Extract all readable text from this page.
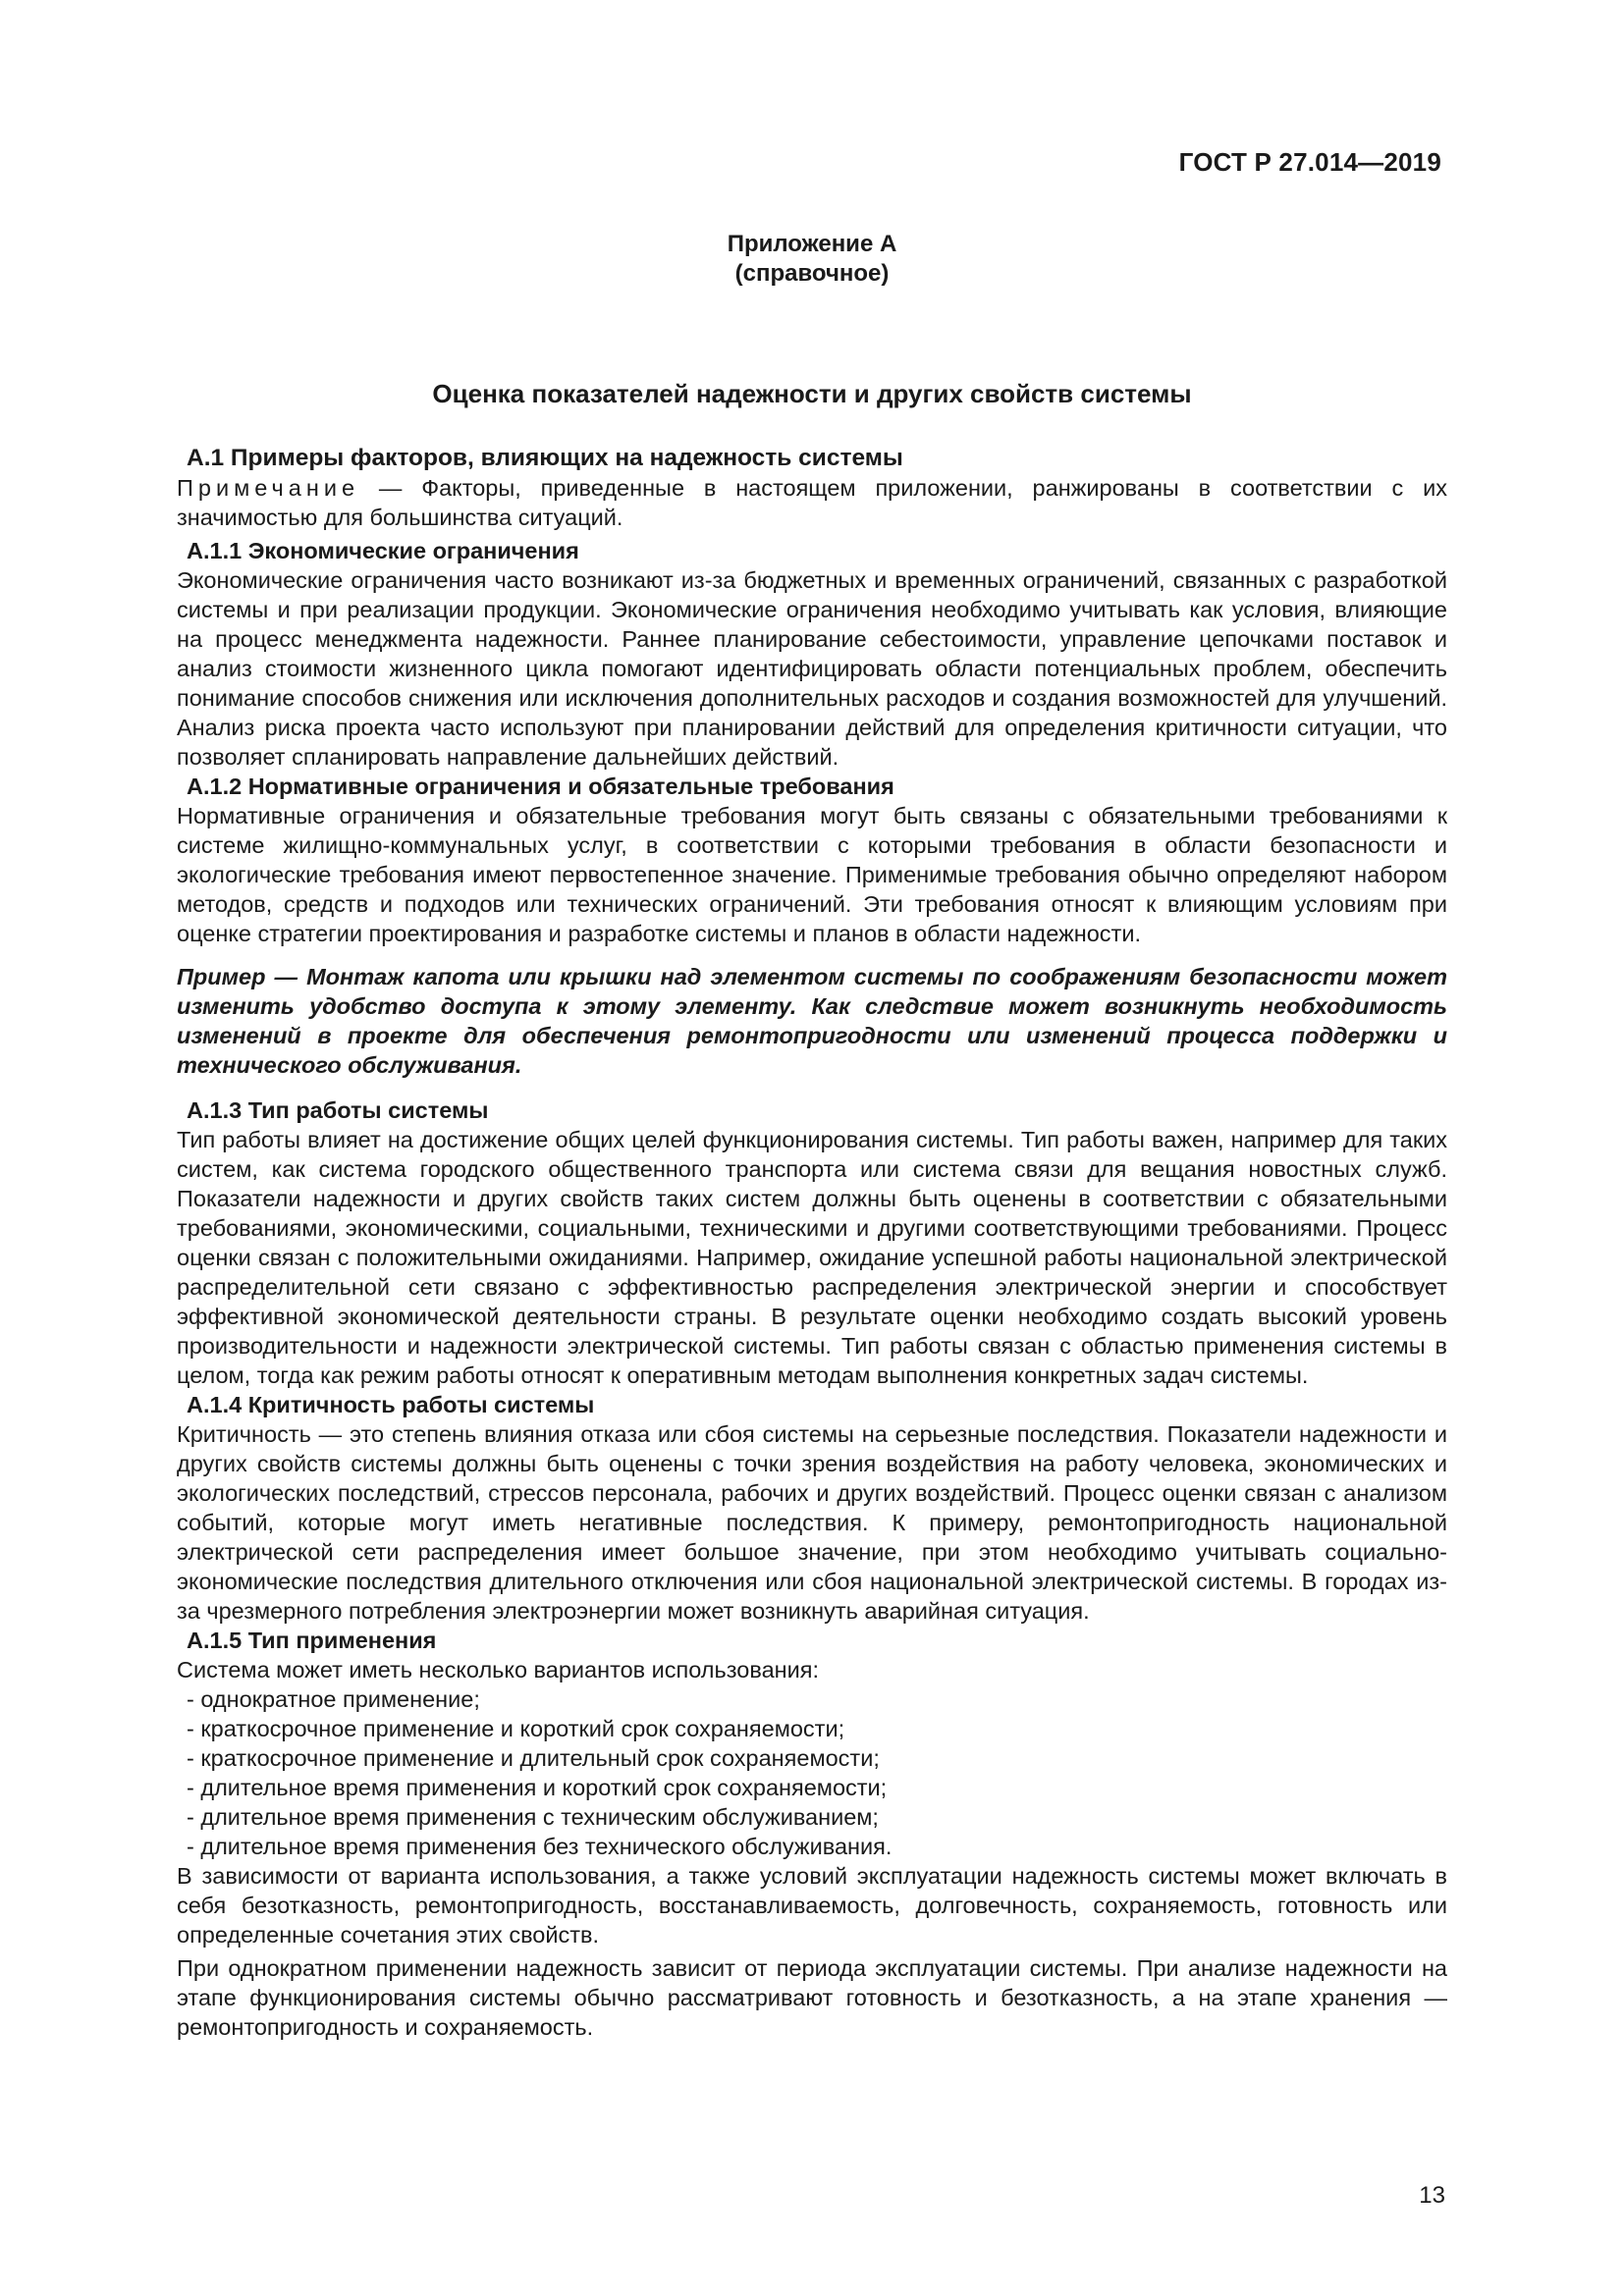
ГОСТ Р 27.014—2019
Приложение А
(справочное)
Оценка показателей надежности и других свойств системы
А.1 Примеры факторов, влияющих на надежность системы

Примечание — Факторы, приведенные в настоящем приложении, ранжированы в соответствии с их значимостью для большинства ситуаций.

А.1.1 Экономические ограничения

Экономические ограничения часто возникают из-за бюджетных и временных ограничений, связанных с разработкой системы и при реализации продукции. Экономические ограничения необходимо учитывать как условия, влияющие на процесс менеджмента надежности. Раннее планирование себестоимости, управление цепочками поставок и анализ стоимости жизненного цикла помогают идентифицировать области потенциальных проблем, обеспечить понимание способов снижения или исключения дополнительных расходов и создания возможностей для улучшений. Анализ риска проекта часто используют при планировании действий для определения критичности ситуации, что позволяет спланировать направление дальнейших действий.

А.1.2 Нормативные ограничения и обязательные требования

Нормативные ограничения и обязательные требования могут быть связаны с обязательными требованиями к системе жилищно-коммунальных услуг, в соответствии с которыми требования в области безопасности и экологические требования имеют первостепенное значение. Применимые требования обычно определяют набором методов, средств и подходов или технических ограничений. Эти требования относят к влияющим условиям при оценке стратегии проектирования и разработке системы и планов в области надежности.

Пример — Монтаж капота или крышки над элементом системы по соображениям безопасности может изменить удобство доступа к этому элементу. Как следствие может возникнуть необходимость изменений в проекте для обеспечения ремонтопригодности или изменений процесса поддержки и технического обслуживания.

А.1.3 Тип работы системы

Тип работы влияет на достижение общих целей функционирования системы. Тип работы важен, например для таких систем, как система городского общественного транспорта или система связи для вещания новостных служб. Показатели надежности и других свойств таких систем должны быть оценены в соответствии с обязательными требованиями, экономическими, социальными, техническими и другими соответствующими требованиями. Процесс оценки связан с положительными ожиданиями. Например, ожидание успешной работы национальной электрической распределительной сети связано с эффективностью распределения электрической энергии и способствует эффективной экономической деятельности страны. В результате оценки необходимо создать высокий уровень производительности и надежности электрической системы. Тип работы связан с областью применения системы в целом, тогда как режим работы относят к оперативным методам выполнения конкретных задач системы.

А.1.4 Критичность работы системы

Критичность — это степень влияния отказа или сбоя системы на серьезные последствия. Показатели надежности и других свойств системы должны быть оценены с точки зрения воздействия на работу человека, экономических и экологических последствий, стрессов персонала, рабочих и других воздействий. Процесс оценки связан с анализом событий, которые могут иметь негативные последствия. К примеру, ремонтопригодность национальной электрической сети распределения имеет большое значение, при этом необходимо учитывать социально-экономические последствия длительного отключения или сбоя национальной электрической системы. В городах из-за чрезмерного потребления электроэнергии может возникнуть аварийная ситуация.

А.1.5 Тип применения

Система может иметь несколько вариантов использования:

- однократное применение;
- краткосрочное применение и короткий срок сохраняемости;
- краткосрочное применение и длительный срок сохраняемости;
- длительное время применения и короткий срок сохраняемости;
- длительное время применения с техническим обслуживанием;
- длительное время применения без технического обслуживания.

В зависимости от варианта использования, а также условий эксплуатации надежность системы может включать в себя безотказность, ремонтопригодность, восстанавливаемость, долговечность, сохраняемость, готовность или определенные сочетания этих свойств.

При однократном применении надежность зависит от периода эксплуатации системы. При анализе надежности на этапе функционирования системы обычно рассматривают готовность и безотказность, а на этапе хранения — ремонтопригодность и сохраняемость.

13
